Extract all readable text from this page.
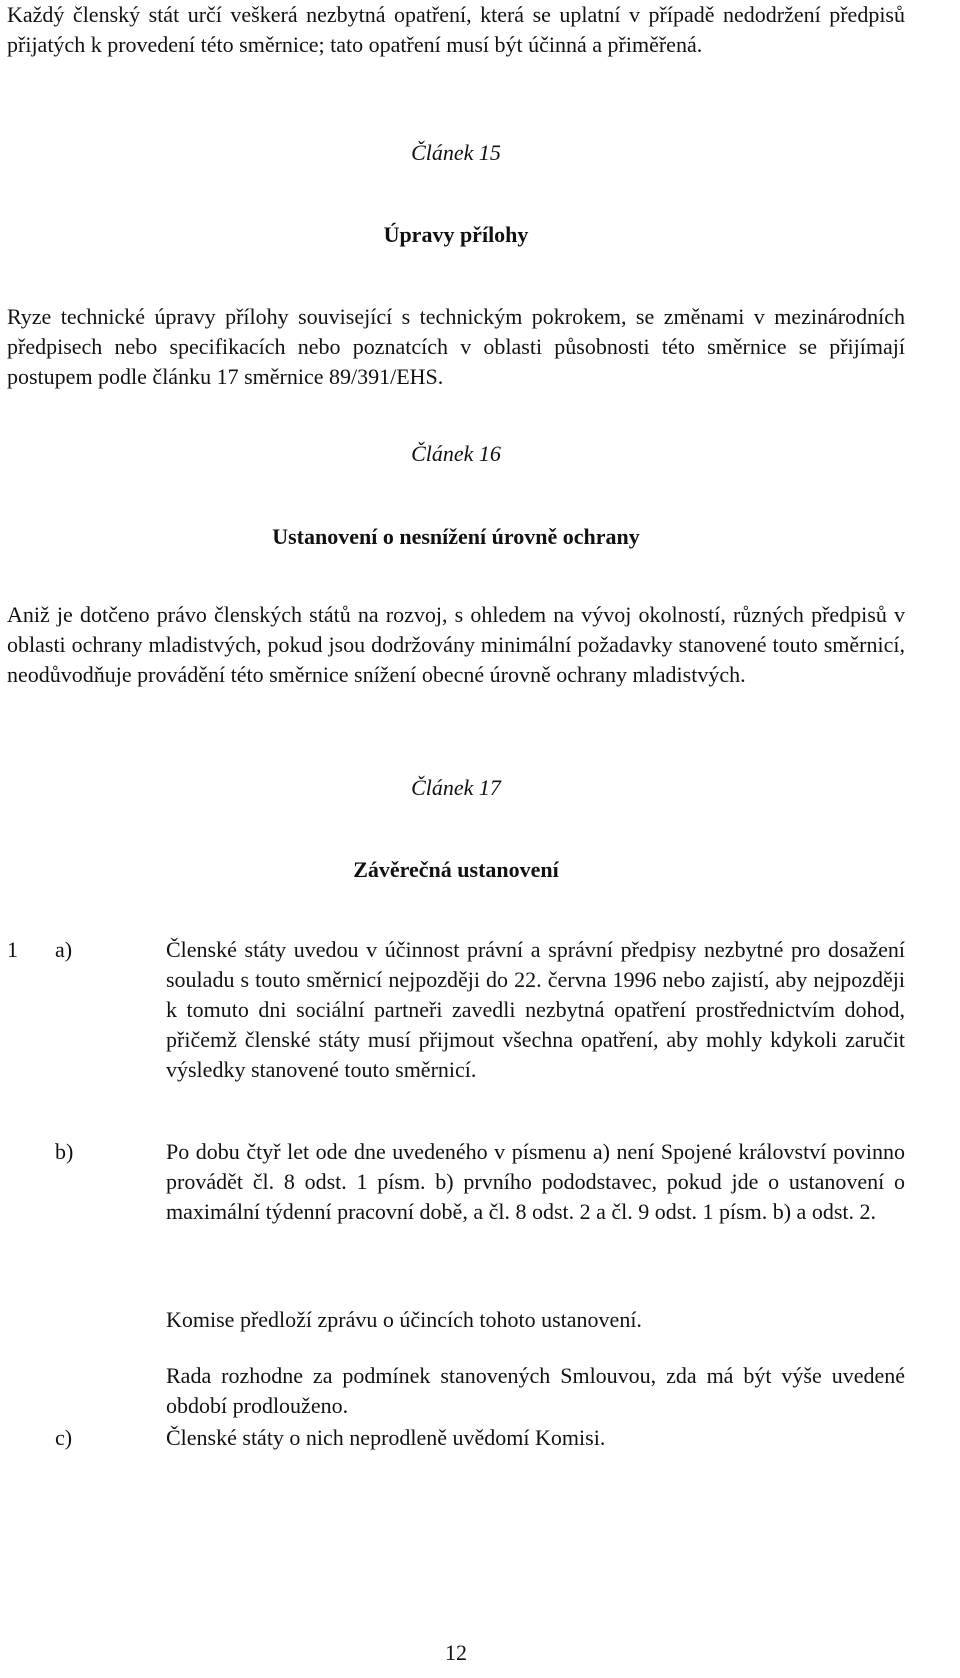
Každý členský stát určí veškerá nezbytná opatření, která se uplatní v případě nedodržení předpisů přijatých k provedení této směrnice; tato opatření musí být účinná a přiměřená.

Článek 15

Úpravy přílohy

Ryze technické úpravy přílohy související s technickým pokrokem, se změnami v mezinárodních předpisech nebo specifikacích nebo poznatcích v oblasti působnosti této směrnice se přijímají postupem podle článku 17 směrnice 89/391/EHS.

Článek 16

Ustanovení o nesnížení úrovně ochrany

Aniž je dotčeno právo členských států na rozvoj, s ohledem na vývoj okolností, různých předpisů v oblasti ochrany mladistvých, pokud jsou dodržovány minimální požadavky stanovené touto směrnicí, neodůvodňuje provádění této směrnice snížení obecné úrovně ochrany mladistvých.

Článek 17

Závěrečná ustanovení

1	a)	Členské státy uvedou v účinnost právní a správní předpisy nezbytné pro dosažení souladu s touto směrnicí nejpozději do 22. června 1996 nebo zajistí, aby nejpozději k tomuto dni sociální partneři zavedli nezbytná opatření prostřednictvím dohod, přičemž členské státy musí přijmout všechna opatření, aby mohly kdykoli zaručit výsledky stanovené touto směrnicí.
b)	Po dobu čtyř let ode dne uvedeného v písmenu a) není Spojené království povinno provádět čl. 8 odst. 1 písm. b) prvního pododstavec, pokud jde o ustanovení o maximální týdenní pracovní době, a čl. 8 odst. 2 a čl. 9 odst. 1 písm. b) a odst. 2.

Komise předloží zprávu o účincích tohoto ustanovení.

Rada rozhodne za podmínek stanovených Smlouvou, zda má být výše uvedené období prodlouženo.

c)	Členské státy o nich neprodleně uvědomí Komisi.
12
